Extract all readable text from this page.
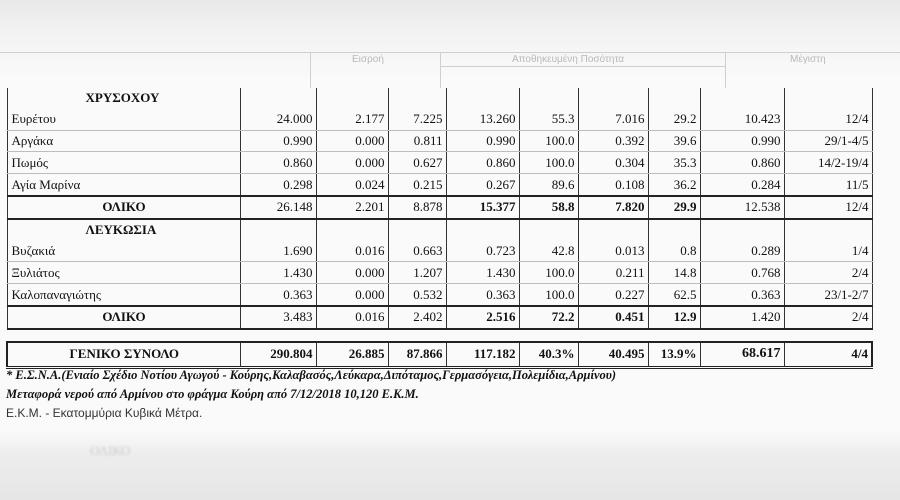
Εισροή	Αποθηκευμένη Ποσότητα	Μέγιστη
ΧΡΥΣΟΧΟΥ									
Ευρέτου	24.000	2.177	7.225	13.260	55.3	7.016	29.2	10.423	12/4
Αργάκα	0.990	0.000	0.811	0.990	100.0	0.392	39.6	0.990	29/1-4/5
Πωμός	0.860	0.000	0.627	0.860	100.0	0.304	35.3	0.860	14/2-19/4
Αγία Μαρίνα	0.298	0.024	0.215	0.267	89.6	0.108	36.2	0.284	11/5
ΟΛΙΚΟ	26.148	2.201	8.878	15.377	58.8	7.820	29.9	12.538	12/4
ΛΕΥΚΩΣΙΑ									
Βυζακιά	1.690	0.016	0.663	0.723	42.8	0.013	0.8	0.289	1/4
Ξυλιάτος	1.430	0.000	1.207	1.430	100.0	0.211	14.8	0.768	2/4
Καλοπαναγιώτης	0.363	0.000	0.532	0.363	100.0	0.227	62.5	0.363	23/1-2/7
ΟΛΙΚΟ	3.483	0.016	2.402	2.516	72.2	0.451	12.9	1.420	2/4

ΓΕΝΙΚΟ ΣΥΝΟΛΟ	290.804	26.885	87.866	117.182	40.3%	40.495	13.9%	68.617	4/4
* Ε.Σ.Ν.Α.(Ενιαίο Σχέδιο Νοτίου Αγωγού - Κούρης,Καλαβασός,Λεύκαρα,Διπόταμος,Γερμασόγεια,Πολεμίδια,Αρμίνου)
Μεταφορά νερού από Αρμίνου στο φράγμα Κούρη από 7/12/2018 10,120 Ε.Κ.Μ.
Ε.Κ.Μ. - Εκατομμύρια Κυβικά Μέτρα.
ΟΛΙΚΟ
